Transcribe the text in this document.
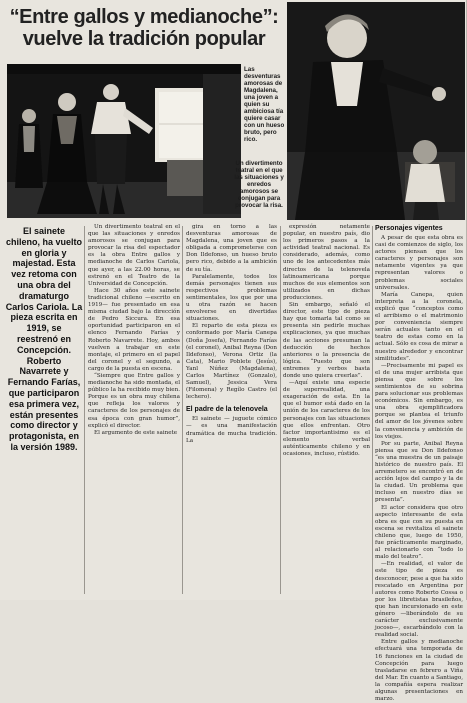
“Entre gallos y medianoche”:
vuelve la tradición popular
Las desventuras amorosas de Magdalena, una joven a quien su ambiciosa tía quiere casar con un hueso bruto, pero rico.
Un divertimento teatral en el que las situaciones y enredos amorosos se conjugan para provocar la risa.

El sainete chileno, ha vuelto en gloria y majestad. Esta vez retoma con una obra del dramaturgo Carlos Cariola. La pieza escrita en 1919, se reestrenó en Concepción. Roberto Navarrete y Fernando Farías, que participaron esa primera vez, están presentes como director y protagonista, en la versión 1989.

Un divertimento teatral en el que las situaciones y enredos amorosos se conjugan para provocar la risa del espectador es la obra Entre gallos y medianoche de Carlos Cariola, que ayer, a las 22.00 horas, se estrenó en el Teatro de la Universidad de Concepción.

Hace 30 años este sainete tradicional chileno —escrito en 1919— fue presentado en esa misma ciudad bajo la dirección de Pedro Siccura. En esa oportunidad participaron en el elenco Fernando Farías y Roberto Navarrete. Hoy, ambos vuelven a trabajar en este montaje, el primero en el papel del coronel y el segundo, a cargo de la puesta en escena.

“Siempre que Entre gallos y medianoche ha sido montada, el público la ha recibido muy bien. Porque es un obra muy chilena que refleja los valores y caracteres de los personajes de esa época con gran humor”, explicó el director.

El argumento de este sainete

gira en torno a las desventuras amorosas de Magdalena, una joven que es obligada a comprometerse con Don Ildefonso, un hueso bruto pero rico, debido a la ambición de su tía.

Paralelamente, todos los demás personajes tienen sus respectivos problemas sentimentales, los que por una u otra razón se hacen envolverse en divertidas situaciones.

El reparto de esta pieza es conformado por María Canepa (Doña Josefa), Fernando Farías (el coronel), Anibal Reyna (Don Ildefonso), Verona Ortiz (la Cata), Mario Poblete (Jesús), Yanl Núñez (Magdalena), Carlos Martínez (Gonzalo), Samuel), Jessica Vera (Filomena) y Regílo Castro (el lechero).

El padre de la telenovela

El sainete — juguete cómico— es una manifestación dramática de mucha tradición. La

expresión netamente popular, en nuestro país, dio los primeros pasos a la actividad teatral nacional. Es considerado, además, como uno de los antecedentes más directos de la telenovela latinoamericana porque muchos de sus elementos son utilizados en dichas producciones.

Sin embargo, señaló el director, este tipo de pieza hay que tomarla tal como se presenta sin pedirle muchas explicaciones, ya que muchas de las acciones presuman la deducción de hechos anteriores o la presencia de lógica. “Puesto que son entremes y verbos basta donde uno quiera creerlas”.

—Aquí existe una especie de superrealidad, una exageración de esta. En la que el humor está dado en la unión de los caracteres de los personajes con las situaciones que ellos enfrentan. Otro factor importantisimo es el elemento verbal auténticamente chileno y en ocasiones, incluso, rústido.

Personajes vigentes

A pesar de que esta obra es casi de comienzos de siglo, los actores piensan que los caracteres y personajes son netamente vigentes ya que representan valores o problemas sociales universales.

María Canepa, quien interpreta a la coronela, explicó que “conceptos como el arribismo o el matrimonio por conveniencia siempre serán actuales tanto en el teatro de estas como en la actual. Sólo es cosa de mirar a nuestro alrededor y encontrar similitudes”.

—Precisamente mi papel es el de una mujer arribista que piensa que sobre los sentimientos de su sobrina para solucionar sus problemas económicos. Sin embargo, es una obra ejemplificadora porque se plantea el triunfo del amor de los jóvenes sobre la conveniencia y ambición de los viejos.

Por su parte, Anibal Reyna piensa que su Don Ildefonso “es una muestra de un paisaje histórico de nuestro país. El arremetero se encontró en de acción lejos del campo y la de la ciudad. Un problema que incluso en nuestro días se presenta”.

El actor considera que otro aspecto interesante de esta obra es que con su puesta en escena se revitaliza el sainete chileno que, luego de 1950, fue prácticamente marginado, al relacionarlo con “todo lo malo del teatro”.

—En realidad, el valor de este tipo de pieza es desconocer, pese a que ha sido rescatado en Argentina por autores como Roberto Cossa o por los libretistas brasileños, que han incursionado en este género —liberándolo de su carácter exclusivamente jocoso—, escarbándolo con la realidad social.

Entre gallos y medianoche efectuará una temporada de 16 funciones en la ciudad de Concepción para luego trasladarse en febrero a Viña del Mar. En cuanto a Santiago, la compañía espera realizar algunas presentaciones en marzo.
